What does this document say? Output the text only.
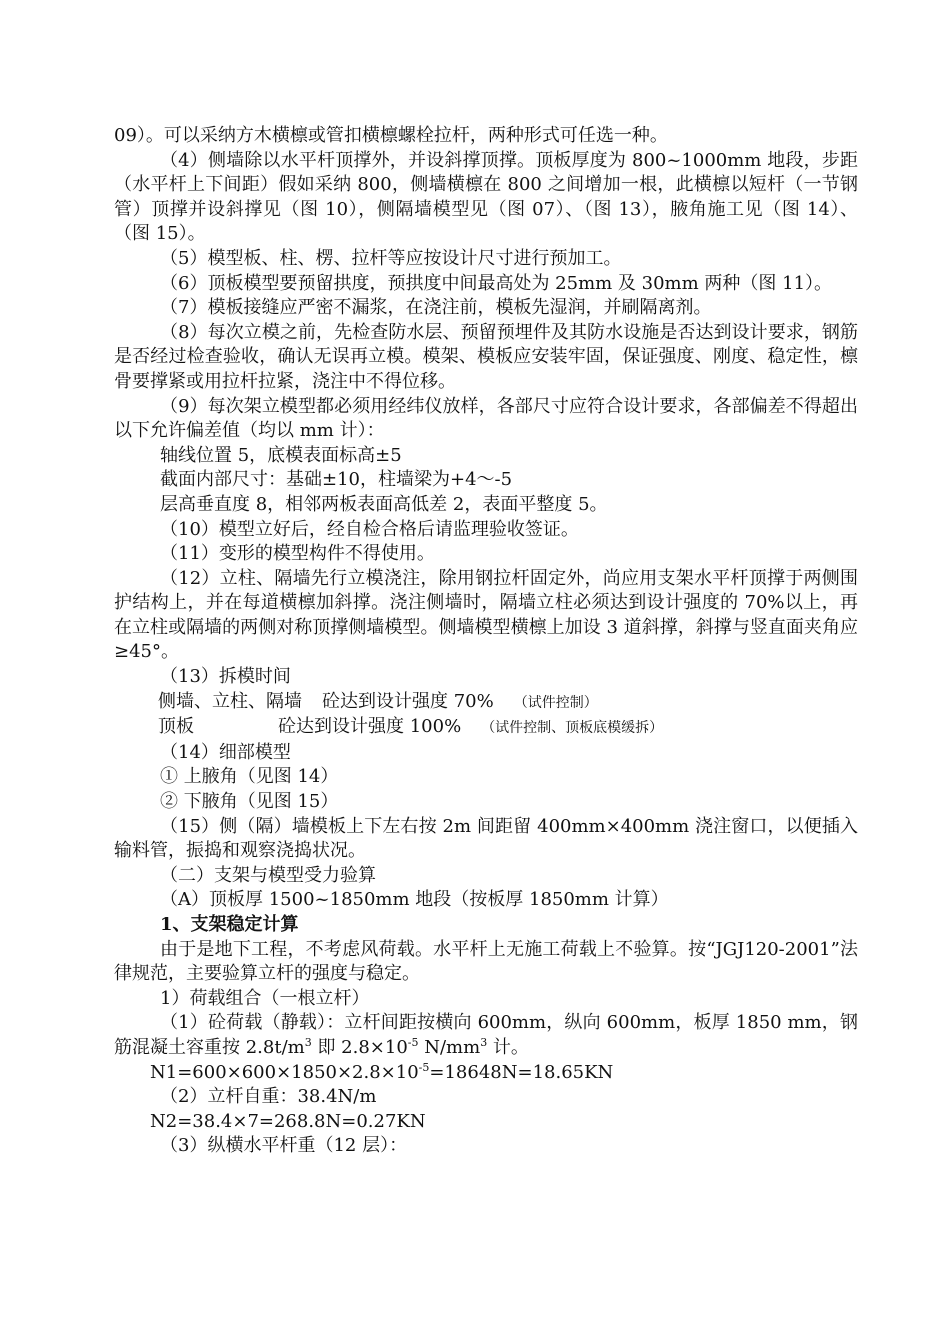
09）。可以采纳方木横檩或管扣横檩螺栓拉杆，两种形式可任选一种。

（4）侧墙除以水平杆顶撑外，并设斜撑顶撑。顶板厚度为 800~1000mm 地段，步距（水平杆上下间距）假如采纳 800，侧墙横檩在 800 之间增加一根，此横檩以短杆（一节钢管）顶撑并设斜撑见（图 10），侧隔墙模型见（图 07）、（图 13），腋角施工见（图 14）、（图 15）。

（5）模型板、柱、楞、拉杆等应按设计尺寸进行预加工。

（6）顶板模型要预留拱度，预拱度中间最高处为 25mm 及 30mm 两种（图 11）。

（7）模板接缝应严密不漏浆，在浇注前，模板先湿润，并刷隔离剂。

（8）每次立模之前，先检查防水层、预留预埋件及其防水设施是否达到设计要求，钢筋是否经过检查验收，确认无误再立模。模架、模板应安装牢固，保证强度、刚度、稳定性，檩骨要撑紧或用拉杆拉紧，浇注中不得位移。

（9）每次架立模型都必须用经纬仪放样，各部尺寸应符合设计要求，各部偏差不得超出以下允许偏差值（均以 mm 计）：

轴线位置 5，底模表面标高±5

截面内部尺寸：基础±10，柱墙梁为+4～-5

层高垂直度 8，相邻两板表面高低差 2，表面平整度 5。

（10）模型立好后，经自检合格后请监理验收签证。

（11）变形的模型构件不得使用。

（12）立柱、隔墙先行立模浇注，除用钢拉杆固定外，尚应用支架水平杆顶撑于两侧围护结构上，并在每道横檩加斜撑。浇注侧墙时，隔墙立柱必须达到设计强度的 70%以上，再在立柱或隔墙的两侧对称顶撑侧墙模型。侧墙模型横檩上加设 3 道斜撑，斜撑与竖直面夹角应≥45°。

（13）拆模时间

侧墙、立柱、隔墙 砼达到设计强度 70% （试件控制）

顶板	砼达到设计强度 100% （试件控制、顶板底模缓拆）

（14）细部模型

① 上腋角（见图 14）

② 下腋角（见图 15）

（15）侧（隔）墙模板上下左右按 2m 间距留 400mm×400mm 浇注窗口，以便插入输料管，振捣和观察浇捣状况。

（二）支架与模型受力验算

（A）顶板厚 1500~1850mm 地段（按板厚 1850mm 计算）

1、支架稳定计算

由于是地下工程，不考虑风荷载。水平杆上无施工荷载上不验算。按“JGJ120-2001”法律规范，主要验算立杆的强度与稳定。

1）荷载组合（一根立杆）

（1）砼荷载（静载）：立杆间距按横向 600mm，纵向 600mm，板厚 1850 mm，钢筋混凝土容重按 $2.8t/m^3$ 即 $2.8\times 10^{-5}$ $N/mm^3$ 计。

$N1=600\times 600\times 1850\times 2.8\times 10^{-5}=18648N=18.65KN$

（2）立杆自重：38.4N/m

N2=38.4×7=268.8N=0.27KN

（3）纵横水平杆重（12 层）：
